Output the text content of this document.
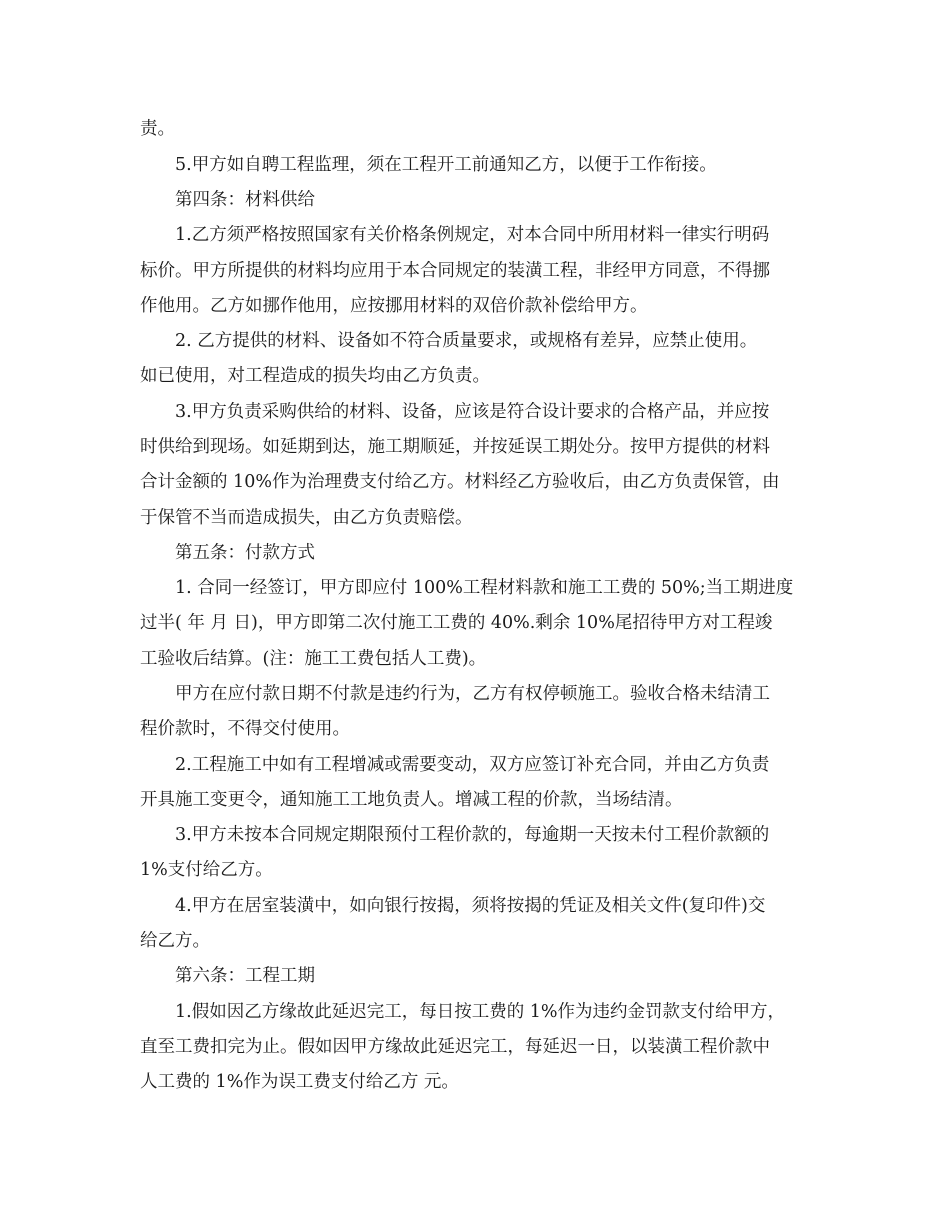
责。

5.甲方如自聘工程监理，须在工程开工前通知乙方，以便于工作衔接。

第四条：材料供给

1.乙方须严格按照国家有关价格条例规定，对本合同中所用材料一律实行明码

标价。甲方所提供的材料均应用于本合同规定的装潢工程，非经甲方同意，不得挪

作他用。乙方如挪作他用，应按挪用材料的双倍价款补偿给甲方。

2. 乙方提供的材料、设备如不符合质量要求，或规格有差异，应禁止使用。

如已使用，对工程造成的损失均由乙方负责。

3.甲方负责采购供给的材料、设备，应该是符合设计要求的合格产品，并应按

时供给到现场。如延期到达，施工期顺延，并按延误工期处分。按甲方提供的材料

合计金额的 10%作为治理费支付给乙方。材料经乙方验收后，由乙方负责保管，由

于保管不当而造成损失，由乙方负责赔偿。

第五条：付款方式

1. 合同一经签订，甲方即应付 100%工程材料款和施工工费的 50%;当工期进度

过半( 年 月 日)，甲方即第二次付施工工费的 40%.剩余 10%尾招待甲方对工程竣

工验收后结算。(注：施工工费包括人工费)。

甲方在应付款日期不付款是违约行为，乙方有权停顿施工。验收合格未结清工

程价款时，不得交付使用。

2.工程施工中如有工程增减或需要变动，双方应签订补充合同，并由乙方负责

开具施工变更令，通知施工工地负责人。增减工程的价款，当场结清。

3.甲方未按本合同规定期限预付工程价款的，每逾期一天按未付工程价款额的

1%支付给乙方。

4.甲方在居室装潢中，如向银行按揭，须将按揭的凭证及相关文件(复印件)交

给乙方。

第六条：工程工期

1.假如因乙方缘故此延迟完工，每日按工费的 1%作为违约金罚款支付给甲方，

直至工费扣完为止。假如因甲方缘故此延迟完工，每延迟一日，以装潢工程价款中

人工费的 1%作为误工费支付给乙方 元。
